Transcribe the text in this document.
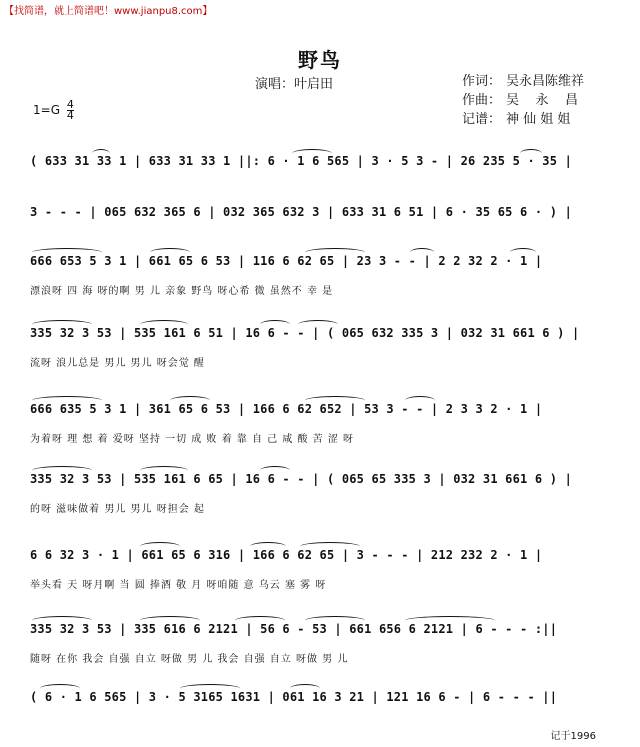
【找简谱，就上简谱吧！www.jianpu8.com】
野鸟
演唱：叶启田	作词： 吴永昌陈维祥
作曲： 吴    永    昌
记谱： 神 仙 姐 姐
$1=G \frac{4}{4}$
( 633 31 33 1 | 633 31 33 1 ||: 6 · 1 6 565 | 3 · 5 3 - | 26 235 5 · 35 |
3 - - - | 065 632 365 6 | 032 365 632 3 | 633 31 6 51 | 6 · 35 65 6 · ) |
666 653 5 3 1 | 661 65 6 53 | 116 6 62 65 | 23 3 - - | 2 2 32 2 · 1 |
漂浪呀 四 海 呀的啊 男 儿 亲象 野鸟 呀心希 微 虽然不 幸 是
335 32 3 53 | 535 161 6 51 | 16 6 - - | ( 065 632 335 3 | 032 31 661 6 ) |
流呀 浪儿总是 男儿 男儿 呀会觉 醒
666 635 5 3 1 | 361 65 6 53 | 166 6 62 652 | 53 3 - - | 2 3 3 2 · 1 |
为着呀 理 想 着 爱呀 坚持 一切 成 败 着 靠 自 己 咸 酸 苦 涩 呀
335 32 3 53 | 535 161 6 65 | 16 6 - - | ( 065 65 335 3 | 032 31 661 6 ) |
的呀 滋味做着 男儿 男儿 呀担会 起
6 6 32 3 · 1 | 661 65 6 316 | 166 6 62 65 | 3 - - - | 212 232 2 · 1 |
举头看 天 呀月啊 当 圆 捧酒 敬 月 呀咱随 意 乌云 塞 雾 呀
335 32 3 53 | 335 616 6 2121 | 56 6 - 53 | 661 656 6 2121 | 6 - - - :||
随呀 在你 我会 自强 自立 呀做 男 儿 我会 自强 自立 呀做 男 儿
( 6 · 1 6 565 | 3 · 5 3165 1631 | 061 16 3 21 | 121 16 6 - | 6 - - - ||
记于1996
